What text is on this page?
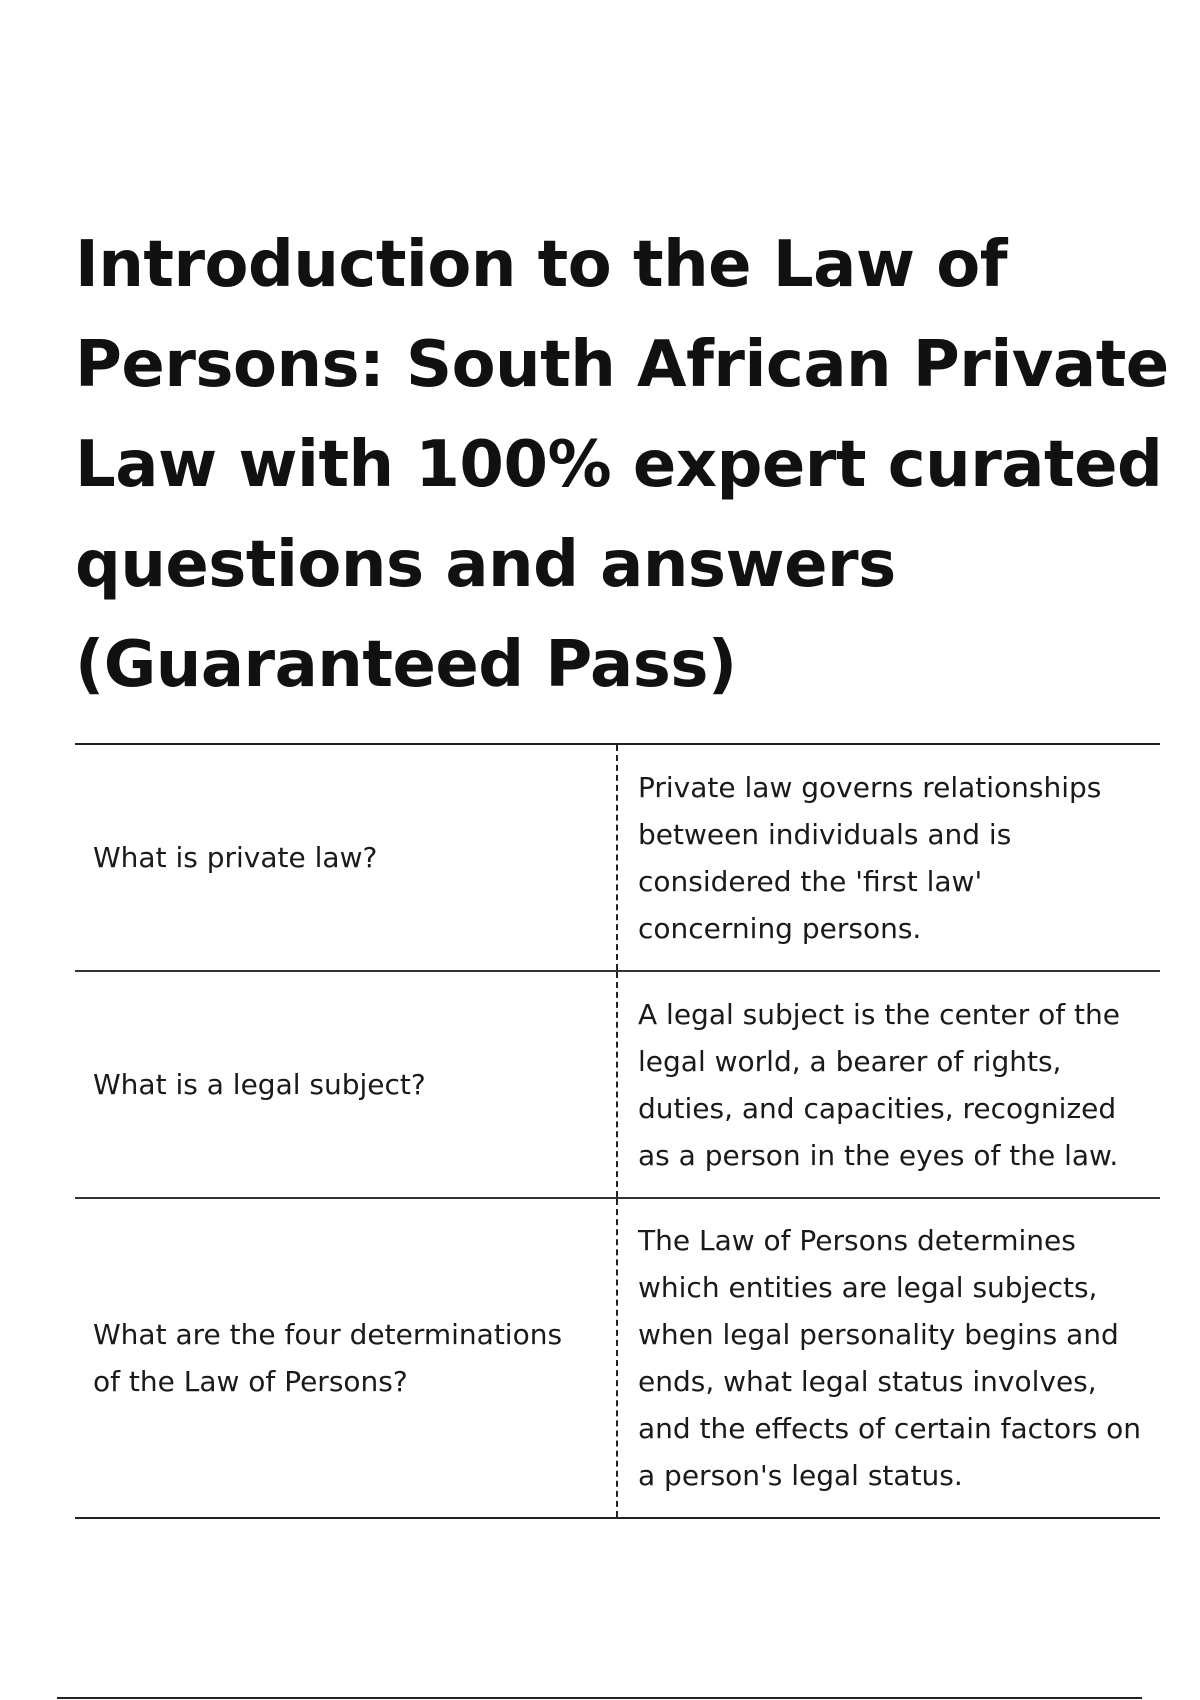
Introduction to the Law of Persons: South African Private Law with 100% expert curated questions and answers (Guaranteed Pass)
What is private law?	Private law governs relationships between individuals and is considered the 'first law' concerning persons.
What is a legal subject?	A legal subject is the center of the legal world, a bearer of rights, duties, and capacities, recognized as a person in the eyes of the law.
What are the four determinations of the Law of Persons?	The Law of Persons determines which entities are legal subjects, when legal personality begins and ends, what legal status involves, and the effects of certain factors on a person's legal status.
